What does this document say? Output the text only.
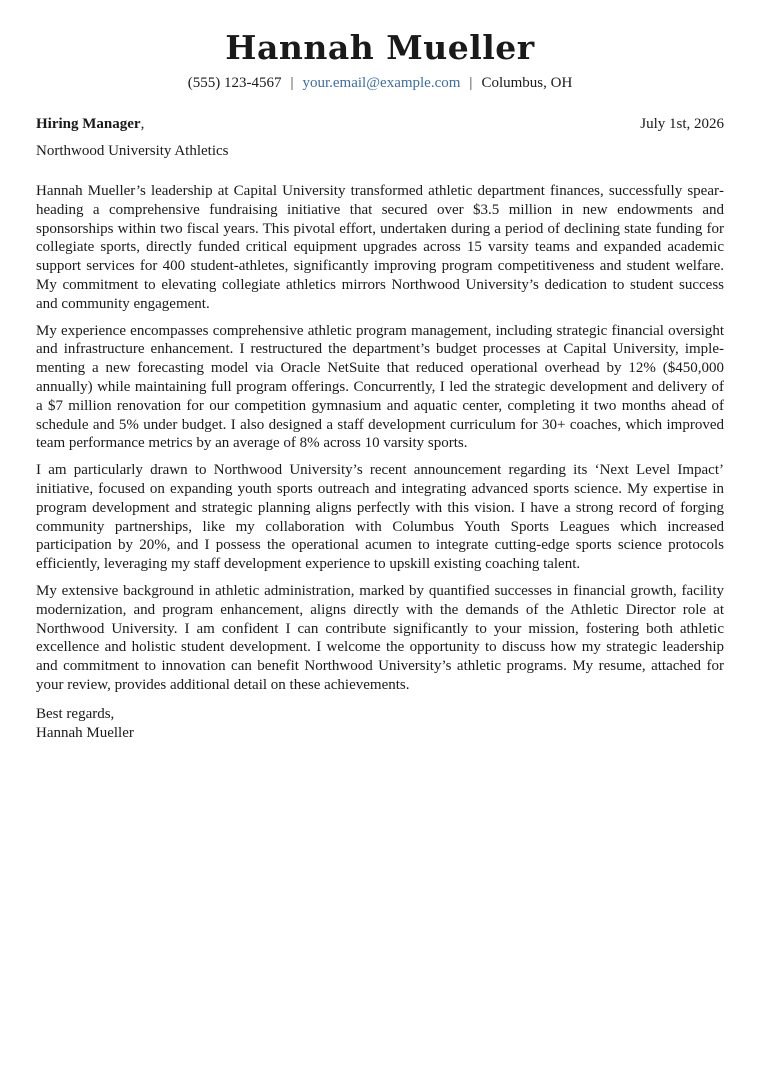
Hannah Mueller
(555) 123-4567 | your.email@example.com | Columbus, OH
Hiring Manager,	July 1st, 2026
Northwood University Athletics

Hannah Mueller’s leadership at Capital University transformed athletic department finances, successfully spearheading a comprehensive fundraising initiative that secured over $3.5 million in new endowments and sponsorships within two fiscal years. This pivotal effort, undertaken during a period of declining state funding for collegiate sports, directly funded critical equipment upgrades across 15 varsity teams and expanded academic support services for 400 student-athletes, significantly improving program competitiveness and student welfare. My commitment to elevating collegiate athletics mirrors Northwood University’s dedication to student success and community engagement.

My experience encompasses comprehensive athletic program management, including strategic financial oversight and infrastructure enhancement. I restructured the department’s budget processes at Capital University, implementing a new forecasting model via Oracle NetSuite that reduced operational overhead by 12% ($450,000 annually) while maintaining full program offerings. Concurrently, I led the strategic development and delivery of a $7 million renovation for our competition gymnasium and aquatic center, completing it two months ahead of schedule and 5% under budget. I also designed a staff development curriculum for 30+ coaches, which improved team performance metrics by an average of 8% across 10 varsity sports.

I am particularly drawn to Northwood University’s recent announcement regarding its ‘Next Level Impact’ initiative, focused on expanding youth sports outreach and integrating advanced sports science. My expertise in program development and strategic planning aligns perfectly with this vision. I have a strong record of forging community partnerships, like my collaboration with Columbus Youth Sports Leagues which increased participation by 20%, and I possess the operational acumen to integrate cutting-edge sports science protocols efficiently, leveraging my staff development experience to upskill existing coaching talent.

My extensive background in athletic administration, marked by quantified successes in financial growth, facility modernization, and program enhancement, aligns directly with the demands of the Athletic Director role at Northwood University. I am confident I can contribute significantly to your mission, fostering both athletic excellence and holistic student development. I welcome the opportunity to discuss how my strategic leadership and commitment to innovation can benefit Northwood University’s athletic programs. My resume, attached for your review, provides additional detail on these achievements.

Best regards,
Hannah Mueller
